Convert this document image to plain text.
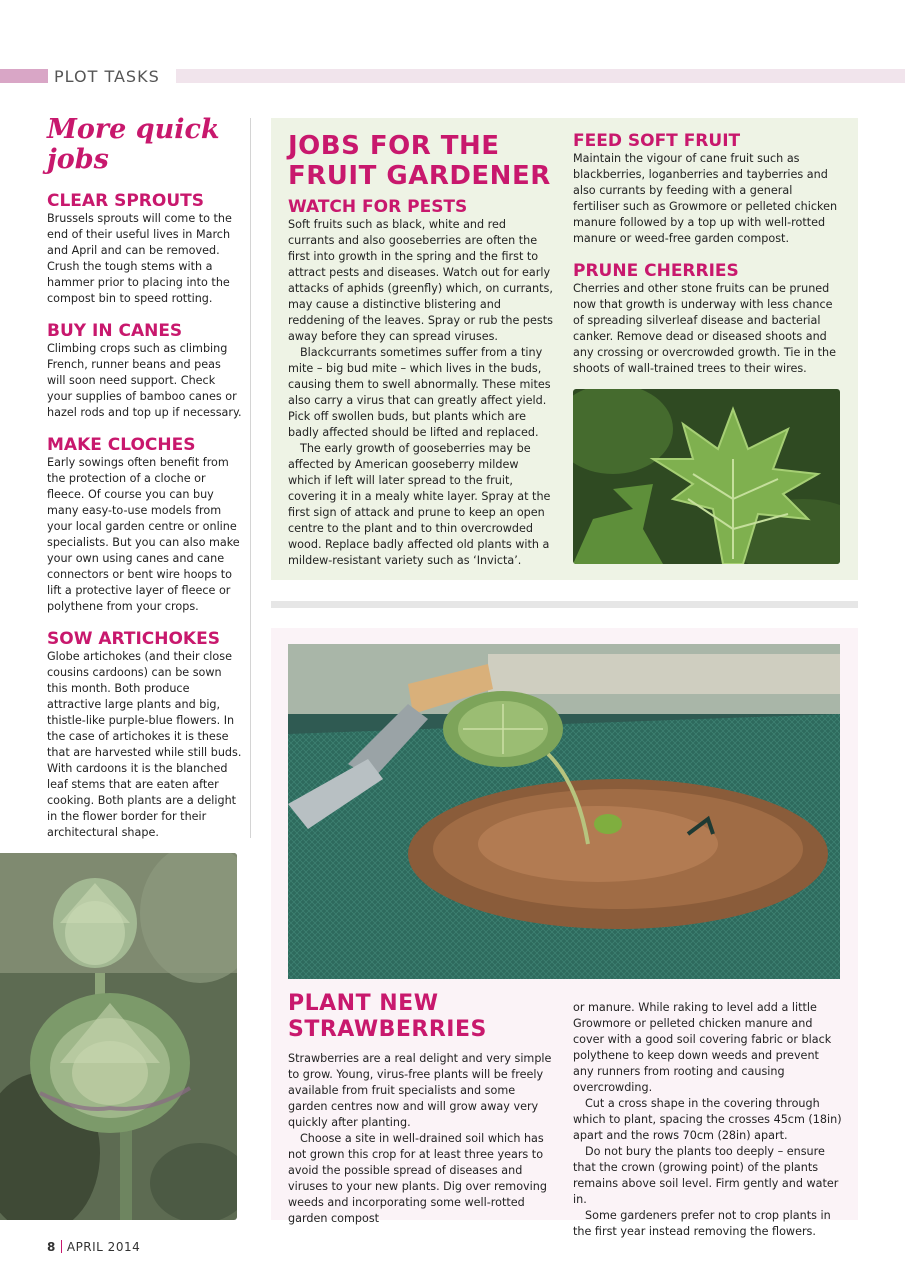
PLOT TASKS
More quick jobs
CLEAR SPROUTS

Brussels sprouts will come to the end of their useful lives in March and April and can be removed. Crush the tough stems with a hammer prior to placing into the compost bin to speed rotting.

BUY IN CANES

Climbing crops such as climbing French, runner beans and peas will soon need support. Check your supplies of bamboo canes or hazel rods and top up if necessary.

MAKE CLOCHES

Early sowings often benefit from the protection of a cloche or fleece. Of course you can buy many easy-to-use models from your local garden centre or online specialists. But you can also make your own using canes and cane connectors or bent wire hoops to lift a protective layer of fleece or polythene from your crops.

SOW ARTICHOKES

Globe artichokes (and their close cousins cardoons) can be sown this month. Both produce attractive large plants and big, thistle-like purple-blue flowers. In the case of artichokes it is these that are harvested while still buds. With cardoons it is the blanched leaf stems that are eaten after cooking. Both plants are a delight in the flower border for their architectural shape.

JOBS FOR THE FRUIT GARDENER
WATCH FOR PESTS

Soft fruits such as black, white and red currants and also gooseberries are often the first into growth in the spring and the first to attract pests and diseases. Watch out for early attacks of aphids (greenfly) which, on currants, may cause a distinctive blistering and reddening of the leaves. Spray or rub the pests away before they can spread viruses.

Blackcurrants sometimes suffer from a tiny mite – big bud mite – which lives in the buds, causing them to swell abnormally. These mites also carry a virus that can greatly affect yield. Pick off swollen buds, but plants which are badly affected should be lifted and replaced.

The early growth of gooseberries may be affected by American gooseberry mildew which if left will later spread to the fruit, covering it in a mealy white layer. Spray at the first sign of attack and prune to keep an open centre to the plant and to thin overcrowded wood. Replace badly affected old plants with a mildew-resistant variety such as ‘Invicta’.

FEED SOFT FRUIT

Maintain the vigour of cane fruit such as blackberries, loganberries and tayberries and also currants by feeding with a general fertiliser such as Growmore or pelleted chicken manure followed by a top up with well-rotted manure or weed-free garden compost.

PRUNE CHERRIES

Cherries and other stone fruits can be pruned now that growth is underway with less chance of spreading silverleaf disease and bacterial canker. Remove dead or diseased shoots and any crossing or overcrowded growth. Tie in the shoots of wall-trained trees to their wires.

PLANT NEW STRAWBERRIES

Strawberries are a real delight and very simple to grow. Young, virus-free plants will be freely available from fruit specialists and some garden centres now and will grow away very quickly after planting.

Choose a site in well-drained soil which has not grown this crop for at least three years to avoid the possible spread of diseases and viruses to your new plants. Dig over removing weeds and incorporating some well-rotted garden compost

or manure. While raking to level add a little Growmore or pelleted chicken manure and cover with a good soil covering fabric or black polythene to keep down weeds and prevent any runners from rooting and causing overcrowding.

Cut a cross shape in the covering through which to plant, spacing the crosses 45cm (18in) apart and the rows 70cm (28in) apart.

Do not bury the plants too deeply – ensure that the crown (growing point) of the plants remains above soil level. Firm gently and water in.

Some gardeners prefer not to crop plants in the first year instead removing the flowers.

8 APRIL 2014
